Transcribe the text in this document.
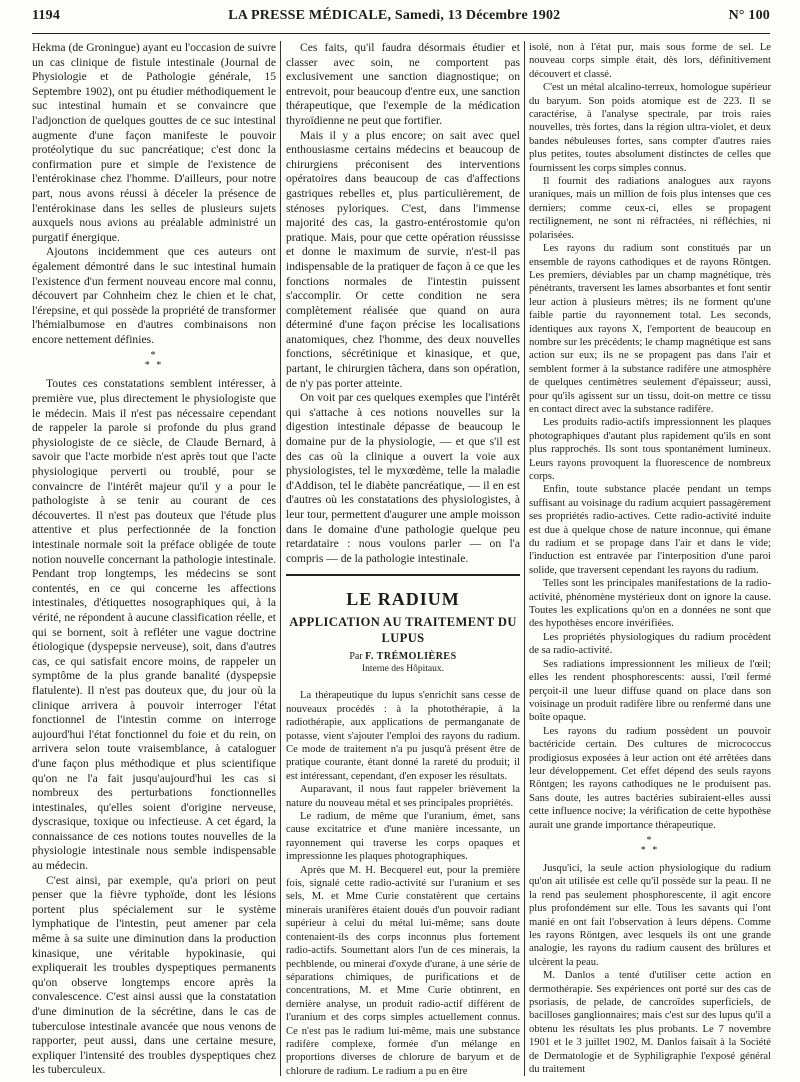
1194	LA PRESSE MÉDICALE, Samedi, 13 Décembre 1902	N° 100

Hekma (de Groningue) ayant eu l'occasion de suivre un cas clinique de fistule intestinale (Journal de Physiologie et de Pathologie générale, 15 Septembre 1902), ont pu étudier méthodiquement le suc intestinal humain et se convaincre que l'adjonction de quelques gouttes de ce suc intestinal augmente d'une façon manifeste le pouvoir protéolytique du suc pancréatique; c'est donc la confirmation pure et simple de l'existence de l'entérokinase chez l'homme. D'ailleurs, pour notre part, nous avons réussi à déceler la présence de l'entérokinase dans les selles de plusieurs sujets auxquels nous avions au préalable administré un purgatif énergique.

Ajoutons incidemment que ces auteurs ont également démontré dans le suc intestinal humain l'existence d'un ferment nouveau encore mal connu, découvert par Cohnheim chez le chien et le chat, l'érepsine, et qui possède la propriété de transformer l'hémialbumose en d'autres combinaisons non encore nettement définies.

*
* *

Toutes ces constatations semblent intéresser, à première vue, plus directement le physiologiste que le médecin. Mais il n'est pas nécessaire cependant de rappeler la parole si profonde du plus grand physiologiste de ce siècle, de Claude Bernard, à savoir que l'acte morbide n'est après tout que l'acte physiologique perverti ou troublé, pour se convaincre de l'intérêt majeur qu'il y a pour le pathologiste à se tenir au courant de ces découvertes. Il n'est pas douteux que l'étude plus attentive et plus perfectionnée de la fonction intestinale normale soit la préface obligée de toute notion nouvelle concernant la pathologie intestinale. Pendant trop longtemps, les médecins se sont contentés, en ce qui concerne les affections intestinales, d'étiquettes nosographiques qui, à la vérité, ne répondent à aucune classification réelle, et qui se bornent, soit à refléter une vague doctrine étiologique (dyspepsie nerveuse), soit, dans d'autres cas, ce qui satisfait encore moins, de rappeler un symptôme de la plus grande banalité (dyspepsie flatulente). Il n'est pas douteux que, du jour où la clinique arrivera à pouvoir interroger l'état fonctionnel de l'intestin comme on interroge aujourd'hui l'état fonctionnel du foie et du rein, on arrivera selon toute vraisemblance, à cataloguer d'une façon plus méthodique et plus scientifique qu'on ne l'a fait jusqu'aujourd'hui les cas si nombreux des perturbations fonctionnelles intestinales, qu'elles soient d'origine nerveuse, dyscrasique, toxique ou infectieuse. A cet égard, la connaissance de ces notions toutes nouvelles de la physiologie intestinale nous semble indispensable au médecin.

C'est ainsi, par exemple, qu'a priori on peut penser que la fièvre typhoïde, dont les lésions portent plus spécialement sur le système lymphatique de l'intestin, peut amener par cela même à sa suite une diminution dans la production kinasique, une véritable hypokinasie, qui expliquerait les troubles dyspeptiques permanents qu'on observe longtemps encore après la convalescence. C'est ainsi aussi que la constatation d'une diminution de la sécrétine, dans le cas de tuberculose intestinale avancée que nous venons de rapporter, peut aussi, dans une certaine mesure, expliquer l'intensité des troubles dyspeptiques chez les tuberculeux.

Ces faits, qu'il faudra désormais étudier et classer avec soin, ne comportent pas exclusivement une sanction diagnostique; on entrevoit, pour beaucoup d'entre eux, une sanction thérapeutique, que l'exemple de la médication thyroïdienne ne peut que fortifier.

Mais il y a plus encore; on sait avec quel enthousiasme certains médecins et beaucoup de chirurgiens préconisent des interventions opératoires dans beaucoup de cas d'affections gastriques rebelles et, plus particulièrement, de sténoses pyloriques. C'est, dans l'immense majorité des cas, la gastro-entérostomie qu'on pratique. Mais, pour que cette opération réussisse et donne le maximum de survie, n'est-il pas indispensable de la pratiquer de façon à ce que les fonctions normales de l'intestin puissent s'accomplir. Or cette condition ne sera complètement réalisée que quand on aura déterminé d'une façon précise les localisations anatomiques, chez l'homme, des deux nouvelles fonctions, sécrétinique et kinasique, et que, partant, le chirurgien tâchera, dans son opération, de n'y pas porter atteinte.

On voit par ces quelques exemples que l'intérêt qui s'attache à ces notions nouvelles sur la digestion intestinale dépasse de beaucoup le domaine pur de la physiologie, — et que s'il est des cas où la clinique a ouvert la voie aux physiologistes, tel le myxœdème, telle la maladie d'Addison, tel le diabète pancréatique, — il en est d'autres où les constatations des physiologistes, à leur tour, permettent d'augurer une ample moisson dans le domaine d'une pathologie quelque peu retardataire : nous voulons parler — on l'a compris — de la pathologie intestinale.

LE RADIUM
APPLICATION AU TRAITEMENT DU LUPUS
Par F. TRÉMOLIÈRES
Interne des Hôpitaux.

La thérapeutique du lupus s'enrichit sans cesse de nouveaux procédés : à la photothérapie, à la radiothérapie, aux applications de permanganate de potasse, vient s'ajouter l'emploi des rayons du radium. Ce mode de traitement n'a pu jusqu'à présent être de pratique courante, étant donné la rareté du produit; il est intéressant, cependant, d'en exposer les résultats.

Auparavant, il nous faut rappeler brièvement la nature du nouveau métal et ses principales propriétés.

Le radium, de même que l'uranium, émet, sans cause excitatrice et d'une manière incessante, un rayonnement qui traverse les corps opaques et impressionne les plaques photographiques.

Après que M. H. Becquerel eut, pour la première fois, signalé cette radio-activité sur l'uranium et ses sels, M. et Mme Curie constatèrent que certains minerais uranifères étaient doués d'un pouvoir radiant supérieur à celui du métal lui-même; sans doute contenaient-ils des corps inconnus plus fortement radio-actifs. Soumettant alors l'un de ces minerais, la pechblende, ou minerai d'oxyde d'urane, à une série de séparations chimiques, de purifications et de concentrations, M. et Mme Curie obtinrent, en dernière analyse, un produit radio-actif différent de l'uranium et des corps simples actuellement connus. Ce n'est pas le radium lui-même, mais une substance radifère complexe, formée d'un mélange en proportions diverses de chlorure de baryum et de chlorure de radium. Le radium a pu en être

isolé, non à l'état pur, mais sous forme de sel. Le nouveau corps simple était, dès lors, définitivement découvert et classé.

C'est un métal alcalino-terreux, homologue supérieur du baryum. Son poids atomique est de 223. Il se caractérise, à l'analyse spectrale, par trois raies nouvelles, très fortes, dans la région ultra-violet, et deux bandes nébuleuses fortes, sans compter d'autres raies plus petites, toutes absolument distinctes de celles que fournissent les corps simples connus.

Il fournit des radiations analogues aux rayons uraniques, mais un million de fois plus intenses que ces derniers; comme ceux-ci, elles se propagent rectilignement, ne sont ni réfractées, ni réfléchies, ni polarisées.

Les rayons du radium sont constitués par un ensemble de rayons cathodiques et de rayons Röntgen. Les premiers, déviables par un champ magnétique, très pénétrants, traversent les lames absorbantes et font sentir leur action à plusieurs mètres; ils ne forment qu'une faible partie du rayonnement total. Les seconds, identiques aux rayons X, l'emportent de beaucoup en nombre sur les précédents; le champ magnétique est sans action sur eux; ils ne se propagent pas dans l'air et semblent former à la substance radifère une atmosphère de quelques centimètres seulement d'épaisseur; aussi, pour qu'ils agissent sur un tissu, doit-on mettre ce tissu en contact direct avec la substance radifère.

Les produits radio-actifs impressionnent les plaques photographiques d'autant plus rapidement qu'ils en sont plus rapprochés. Ils sont tous spontanément lumineux. Leurs rayons provoquent la fluorescence de nombreux corps.

Enfin, toute substance placée pendant un temps suffisant au voisinage du radium acquiert passagèrement ses propriétés radio-actives. Cette radio-activité induite est due à quelque chose de nature inconnue, qui émane du radium et se propage dans l'air et dans le vide; l'induction est entravée par l'interposition d'une paroi solide, que traversent cependant les rayons du radium.

Telles sont les principales manifestations de la radio-activité, phénomène mystérieux dont on ignore la cause. Toutes les explications qu'on en a données ne sont que des hypothèses encore invérifiées.

Les propriétés physiologiques du radium procèdent de sa radio-activité.

Ses radiations impressionnent les milieux de l'œil; elles les rendent phosphorescents: aussi, l'œil fermé perçoit-il une lueur diffuse quand on place dans son voisinage un produit radifère libre ou renfermé dans une boîte opaque.

Les rayons du radium possèdent un pouvoir bactéricide certain. Des cultures de micrococcus prodigiosus exposées à leur action ont été arrêtées dans leur développement. Cet effet dépend des seuls rayons Röntgen; les rayons cathodiques ne le produisent pas. Sans doute, les autres bactéries subiraient-elles aussi cette influence nocive; la vérification de cette hypothèse aurait une grande importance thérapeutique.

*
* *

Jusqu'ici, la seule action physiologique du radium qu'on ait utilisée est celle qu'il possède sur la peau. Il ne la rend pas seulement phosphorescente, il agit encore plus profondément sur elle. Tous les savants qui l'ont manié en ont fait l'observation à leurs dépens. Comme les rayons Röntgen, avec lesquels ils ont une grande analogie, les rayons du radium causent des brûlures et ulcèrent la peau.

M. Danlos a tenté d'utiliser cette action en dermothérapie. Ses expériences ont porté sur des cas de psoriasis, de pelade, de cancroïdes superficiels, de bacilloses ganglionnaires; mais c'est sur des lupus qu'il a obtenu les résultats les plus probants. Le 7 novembre 1901 et le 3 juillet 1902, M. Danlos faisait à la Société de Dermatologie et de Syphiligraphie l'exposé général du traitement
